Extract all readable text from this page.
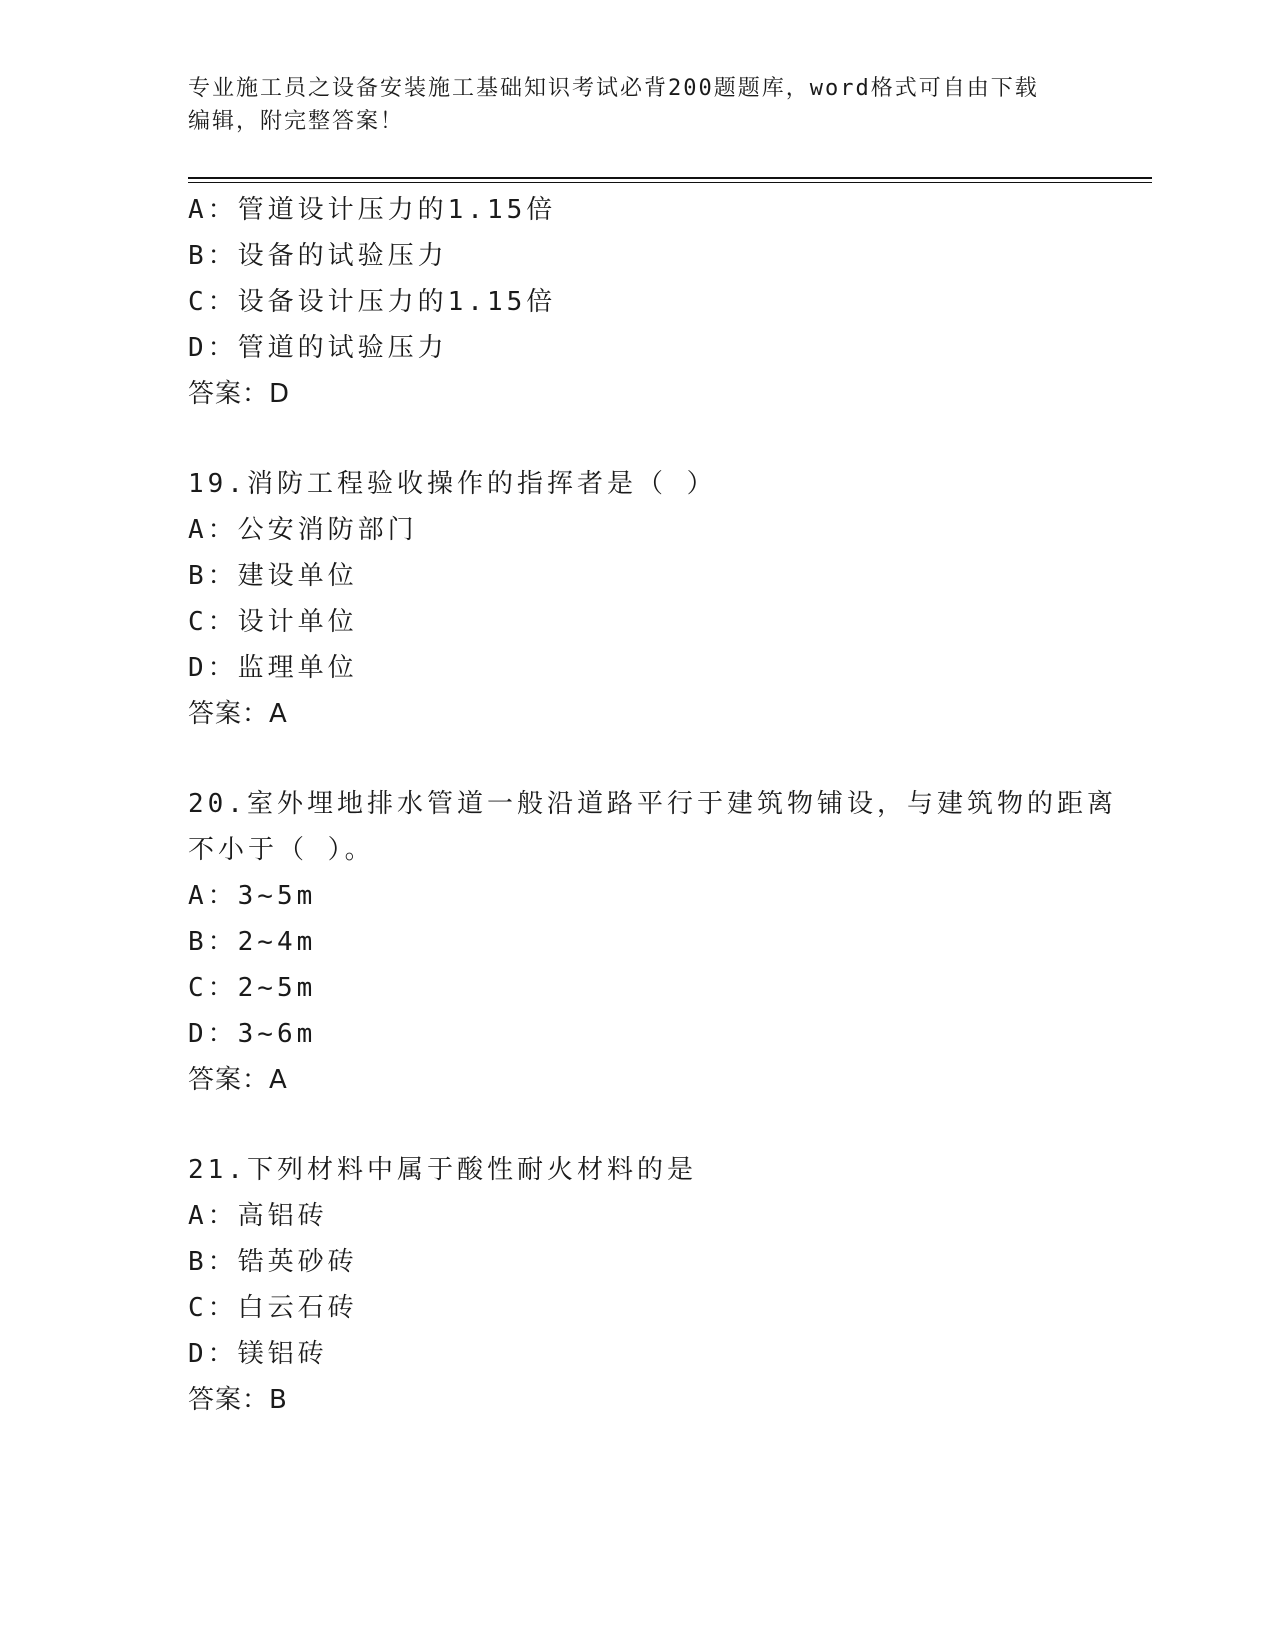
专业施工员之设备安装施工基础知识考试必背200题题库，word格式可自由下载
编辑，附完整答案！
A：管道设计压力的1.15倍
B：设备的试验压力
C：设备设计压力的1.15倍
D：管道的试验压力
答案：D
19.消防工程验收操作的指挥者是（ ）
A：公安消防部门
B：建设单位
C：设计单位
D：监理单位
答案：A
20.室外埋地排水管道一般沿道路平行于建筑物铺设，与建筑物的距离
不小于（ ）。
A：3~5m
B：2~4m
C：2~5m
D：3~6m
答案：A
21.下列材料中属于酸性耐火材料的是
A：高铝砖
B：锆英砂砖
C：白云石砖
D：镁铝砖
答案：B
